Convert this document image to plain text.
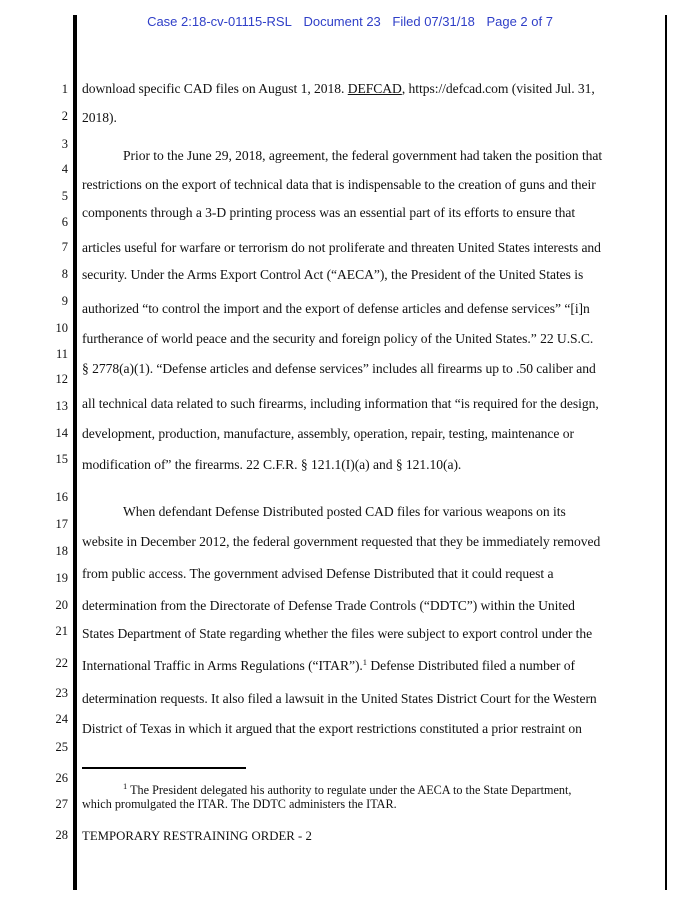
Case 2:18-cv-01115-RSL Document 23 Filed 07/31/18 Page 2 of 7
1
2
3
4
5
6
7
8
9
10
11
12
13
14
15
16
17
18
19
20
21
22
23
24
25
26
27
28
download specific CAD files on August 1, 2018. DEFCAD, https://defcad.com (visited Jul. 31,
2018).
Prior to the June 29, 2018, agreement, the federal government had taken the position that
restrictions on the export of technical data that is indispensable to the creation of guns and their
components through a 3-D printing process was an essential part of its efforts to ensure that
articles useful for warfare or terrorism do not proliferate and threaten United States interests and
security. Under the Arms Export Control Act (“AECA”), the President of the United States is
authorized “to control the import and the export of defense articles and defense services” “[i]n
furtherance of world peace and the security and foreign policy of the United States.” 22 U.S.C.
§ 2778(a)(1). “Defense articles and defense services” includes all firearms up to .50 caliber and
all technical data related to such firearms, including information that “is required for the design,
development, production, manufacture, assembly, operation, repair, testing, maintenance or
modification of” the firearms. 22 C.F.R. § 121.1(I)(a) and § 121.10(a).
When defendant Defense Distributed posted CAD files for various weapons on its
website in December 2012, the federal government requested that they be immediately removed
from public access. The government advised Defense Distributed that it could request a
determination from the Directorate of Defense Trade Controls (“DDTC”) within the United
States Department of State regarding whether the files were subject to export control under the
International Traffic in Arms Regulations (“ITAR”).$^1$ Defense Distributed filed a number of
determination requests. It also filed a lawsuit in the United States District Court for the Western
District of Texas in which it argued that the export restrictions constituted a prior restraint on
$^1$ The President delegated his authority to regulate under the AECA to the State Department,
which promulgated the ITAR. The DDTC administers the ITAR.
TEMPORARY RESTRAINING ORDER - 2
